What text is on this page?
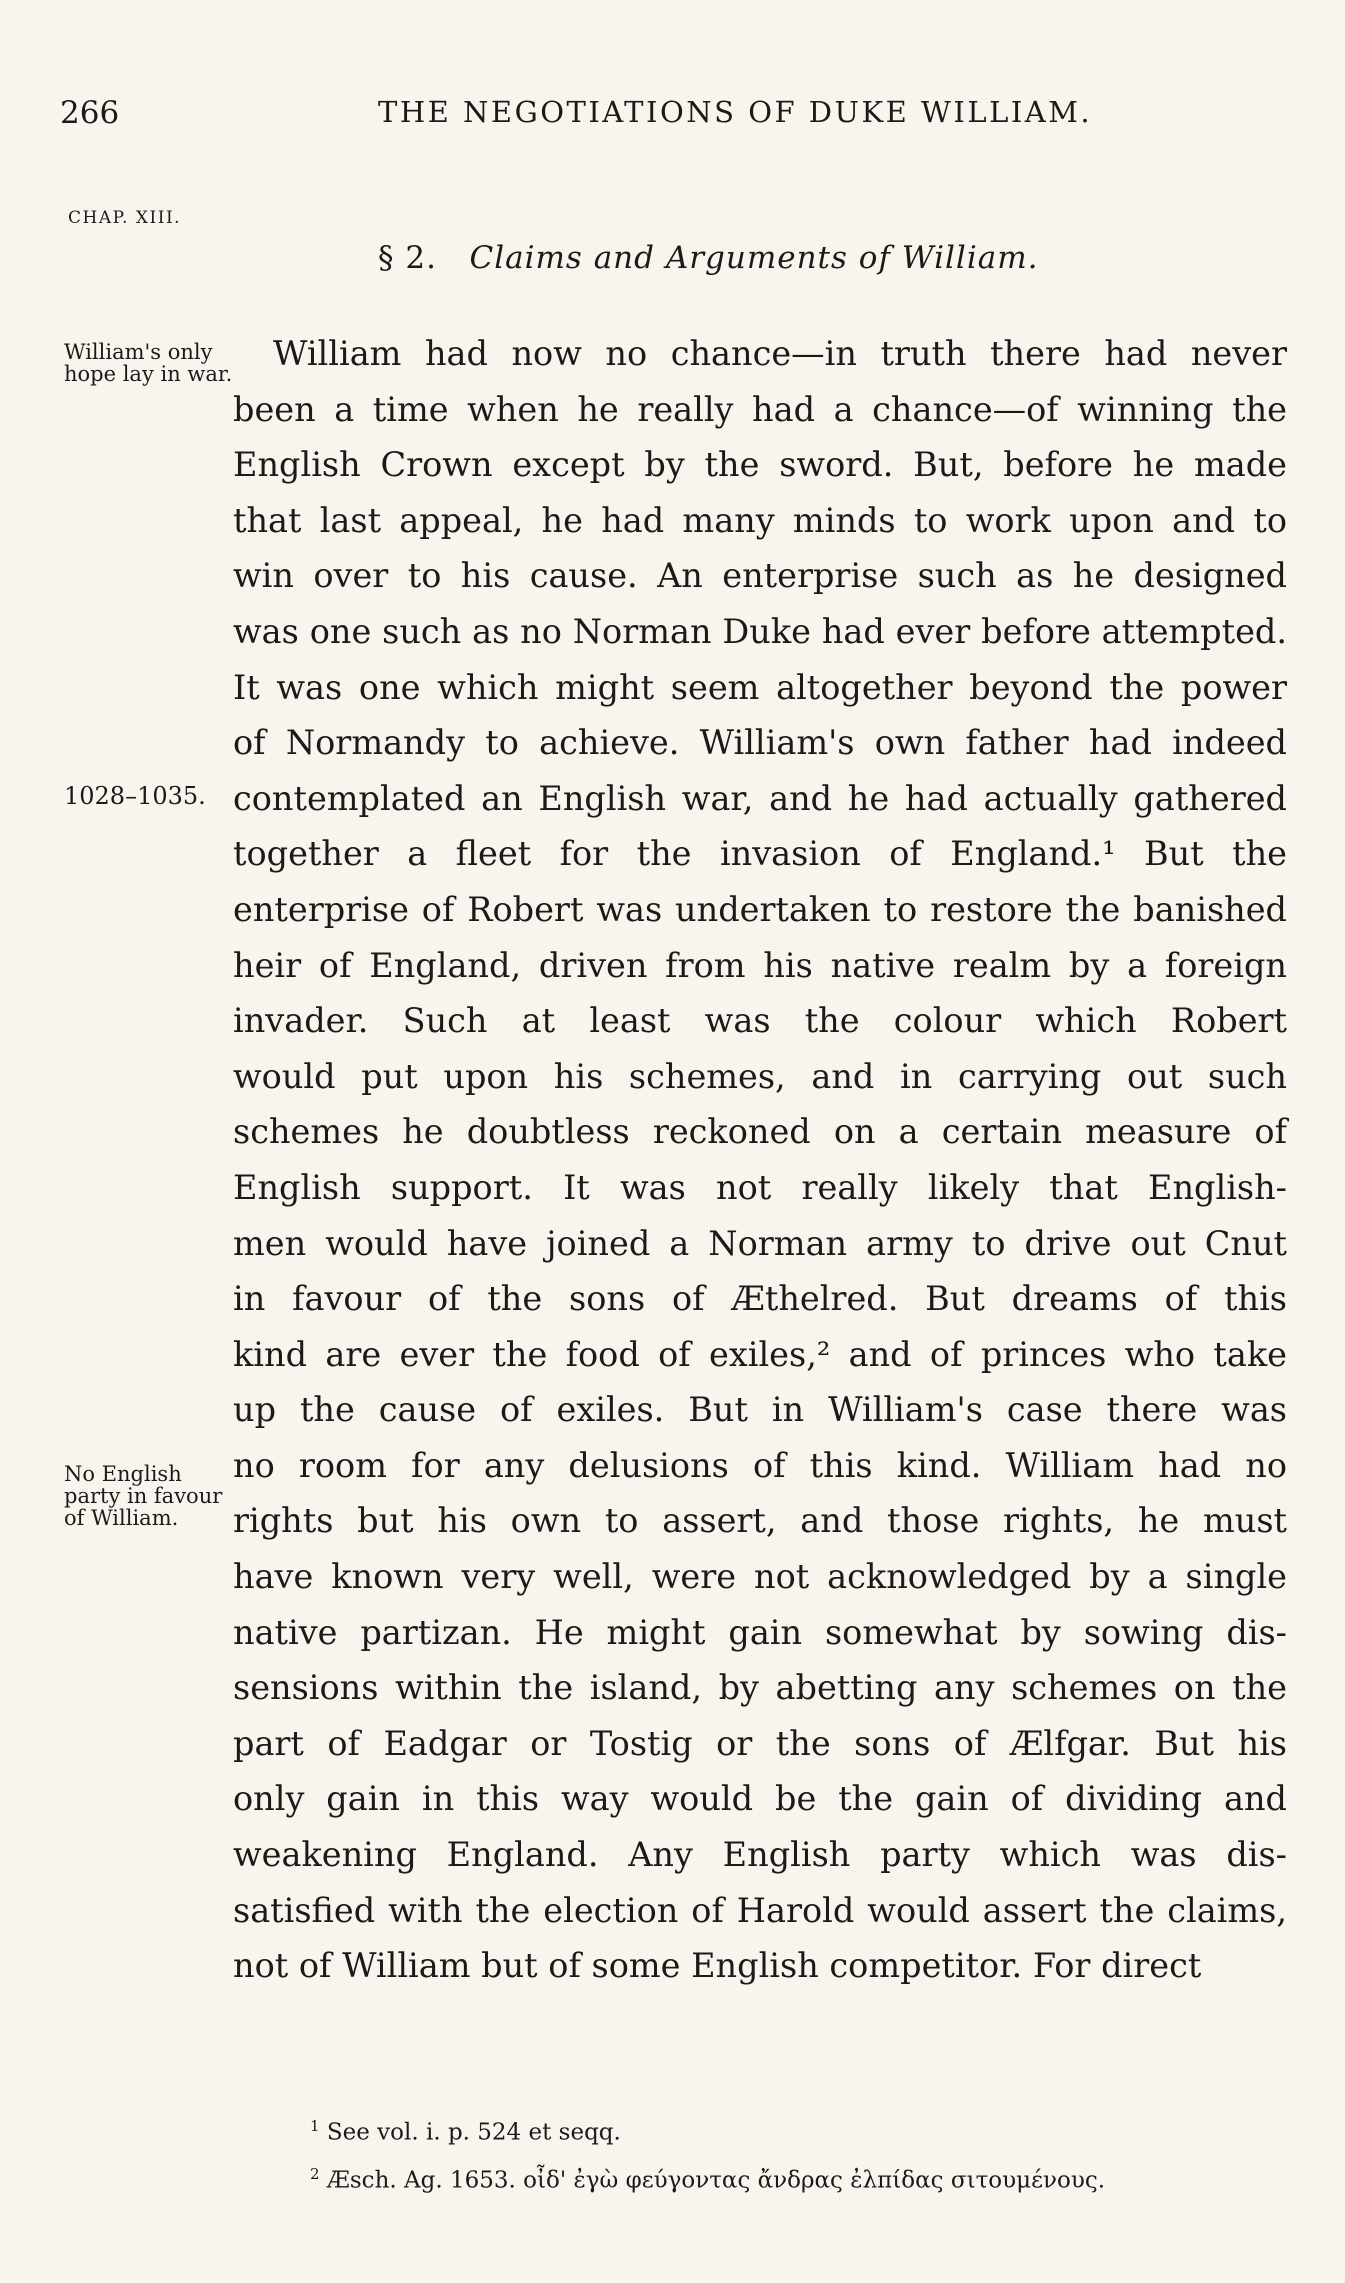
266	THE NEGOTIATIONS OF DUKE WILLIAM.
CHAP. XIII.
§ 2. Claims and Arguments of William.
William's only hope lay in war.
1028–1035.
No English party in favour of William.
William had now no chance—in truth there had never
been a time when he really had a chance—of winning the
English Crown except by the sword. But, before he made
that last appeal, he had many minds to work upon and to
win over to his cause. An enterprise such as he designed
was one such as no Norman Duke had ever before attempted.
It was one which might seem altogether beyond the power
of Normandy to achieve. William's own father had indeed
contemplated an English war, and he had actually gathered
together a fleet for the invasion of England.¹ But the
enterprise of Robert was undertaken to restore the banished
heir of England, driven from his native realm by a foreign
invader. Such at least was the colour which Robert
would put upon his schemes, and in carrying out such
schemes he doubtless reckoned on a certain measure of
English support. It was not really likely that English-
men would have joined a Norman army to drive out Cnut
in favour of the sons of Æthelred. But dreams of this
kind are ever the food of exiles,² and of princes who take
up the cause of exiles. But in William's case there was
no room for any delusions of this kind. William had no
rights but his own to assert, and those rights, he must
have known very well, were not acknowledged by a single
native partizan. He might gain somewhat by sowing dis-
sensions within the island, by abetting any schemes on the
part of Eadgar or Tostig or the sons of Ælfgar. But his
only gain in this way would be the gain of dividing and
weakening England. Any English party which was dis-
satisfied with the election of Harold would assert the claims,
not of William but of some English competitor. For direct
$^1$ See vol. i. p. 524 et seqq.
$^2$ Æsch. Ag. 1653. οἶδ' ἐγὼ φεύγοντας ἄνδρας ἐλπίδας σιτουμένους.
